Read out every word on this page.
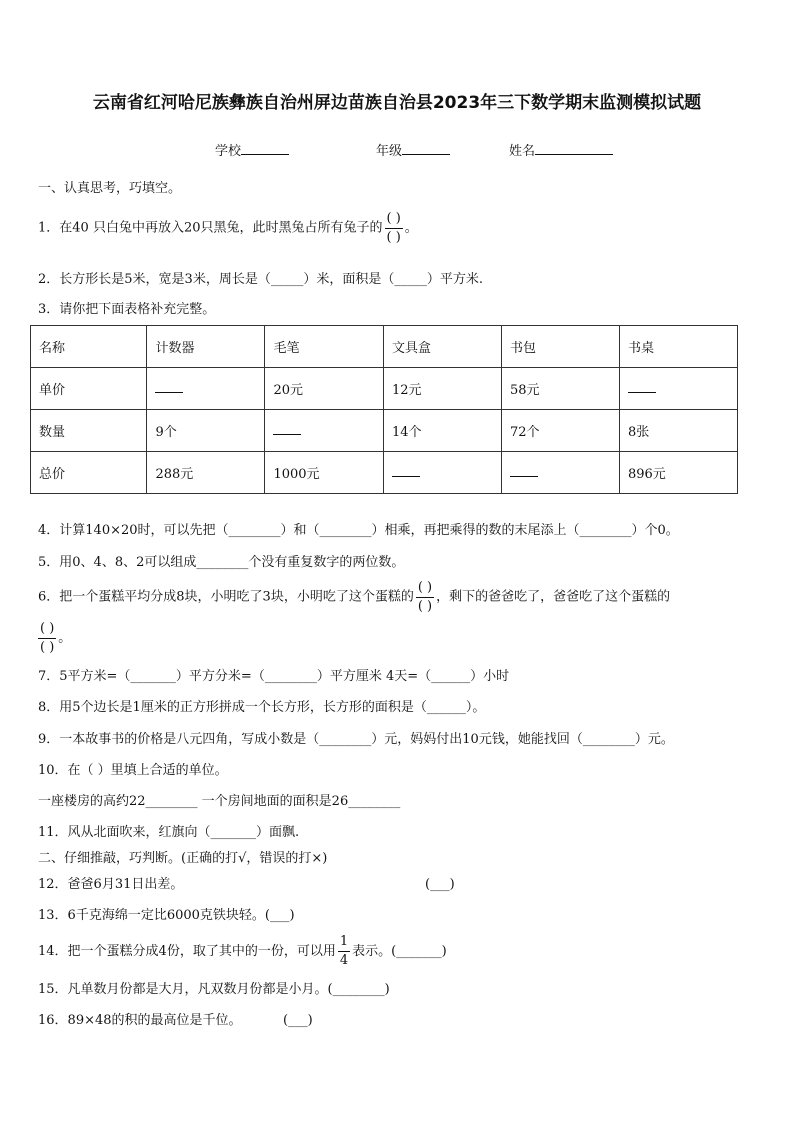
云南省红河哈尼族彝族自治州屏边苗族自治县2023年三下数学期末监测模拟试题
学校	年级	姓名
一、认真思考，巧填空。
1．在40 只白兔中再放入20只黑兔，此时黑兔占所有兔子的 $\frac{( )}{( )}$ 。
2．长方形长是5米，宽是3米，周长是（_____）米，面积是（_____）平方米.
3．请你把下面表格补充完整。
名称	计数器	毛笔	文具盒	书包	书桌
单价		20元	12元	58元	
数量	9个		14个	72个	8张
总价	288元	1000元			896元
4．计算140×20时，可以先把（________）和（________）相乘，再把乘得的数的末尾添上（________）个0。
5．用0、4、8、2可以组成________个没有重复数字的两位数。
6．把一个蛋糕平均分成8块，小明吃了3块，小明吃了这个蛋糕的 $\frac{( )}{( )}$ ，剩下的爸爸吃了，爸爸吃了这个蛋糕的
$\frac{( )}{( )}$ 。
7．5平方米=（_______）平方分米=（________）平方厘米 4天=（______）小时
8．用5个边长是1厘米的正方形拼成一个长方形，长方形的面积是（______）。
9．一本故事书的价格是八元四角，写成小数是（________）元，妈妈付出10元钱，她能找回（________）元。
10．在（ ）里填上合适的单位。
一座楼房的高约22________ 一个房间地面的面积是26________
11．风从北面吹来，红旗向（_______）面飘.
二、仔细推敲，巧判断。(正确的打√，错误的打×)
12．爸爸6月31日出差。	(___)
13．6千克海绵一定比6000克铁块轻。(___)
14．把一个蛋糕分成4份，取了其中的一份，可以用 $\frac{1}{4}$ 表示。(_______)
15．凡单数月份都是大月，凡双数月份都是小月。(________)
16．89×48的积的最高位是千位。	(___)
